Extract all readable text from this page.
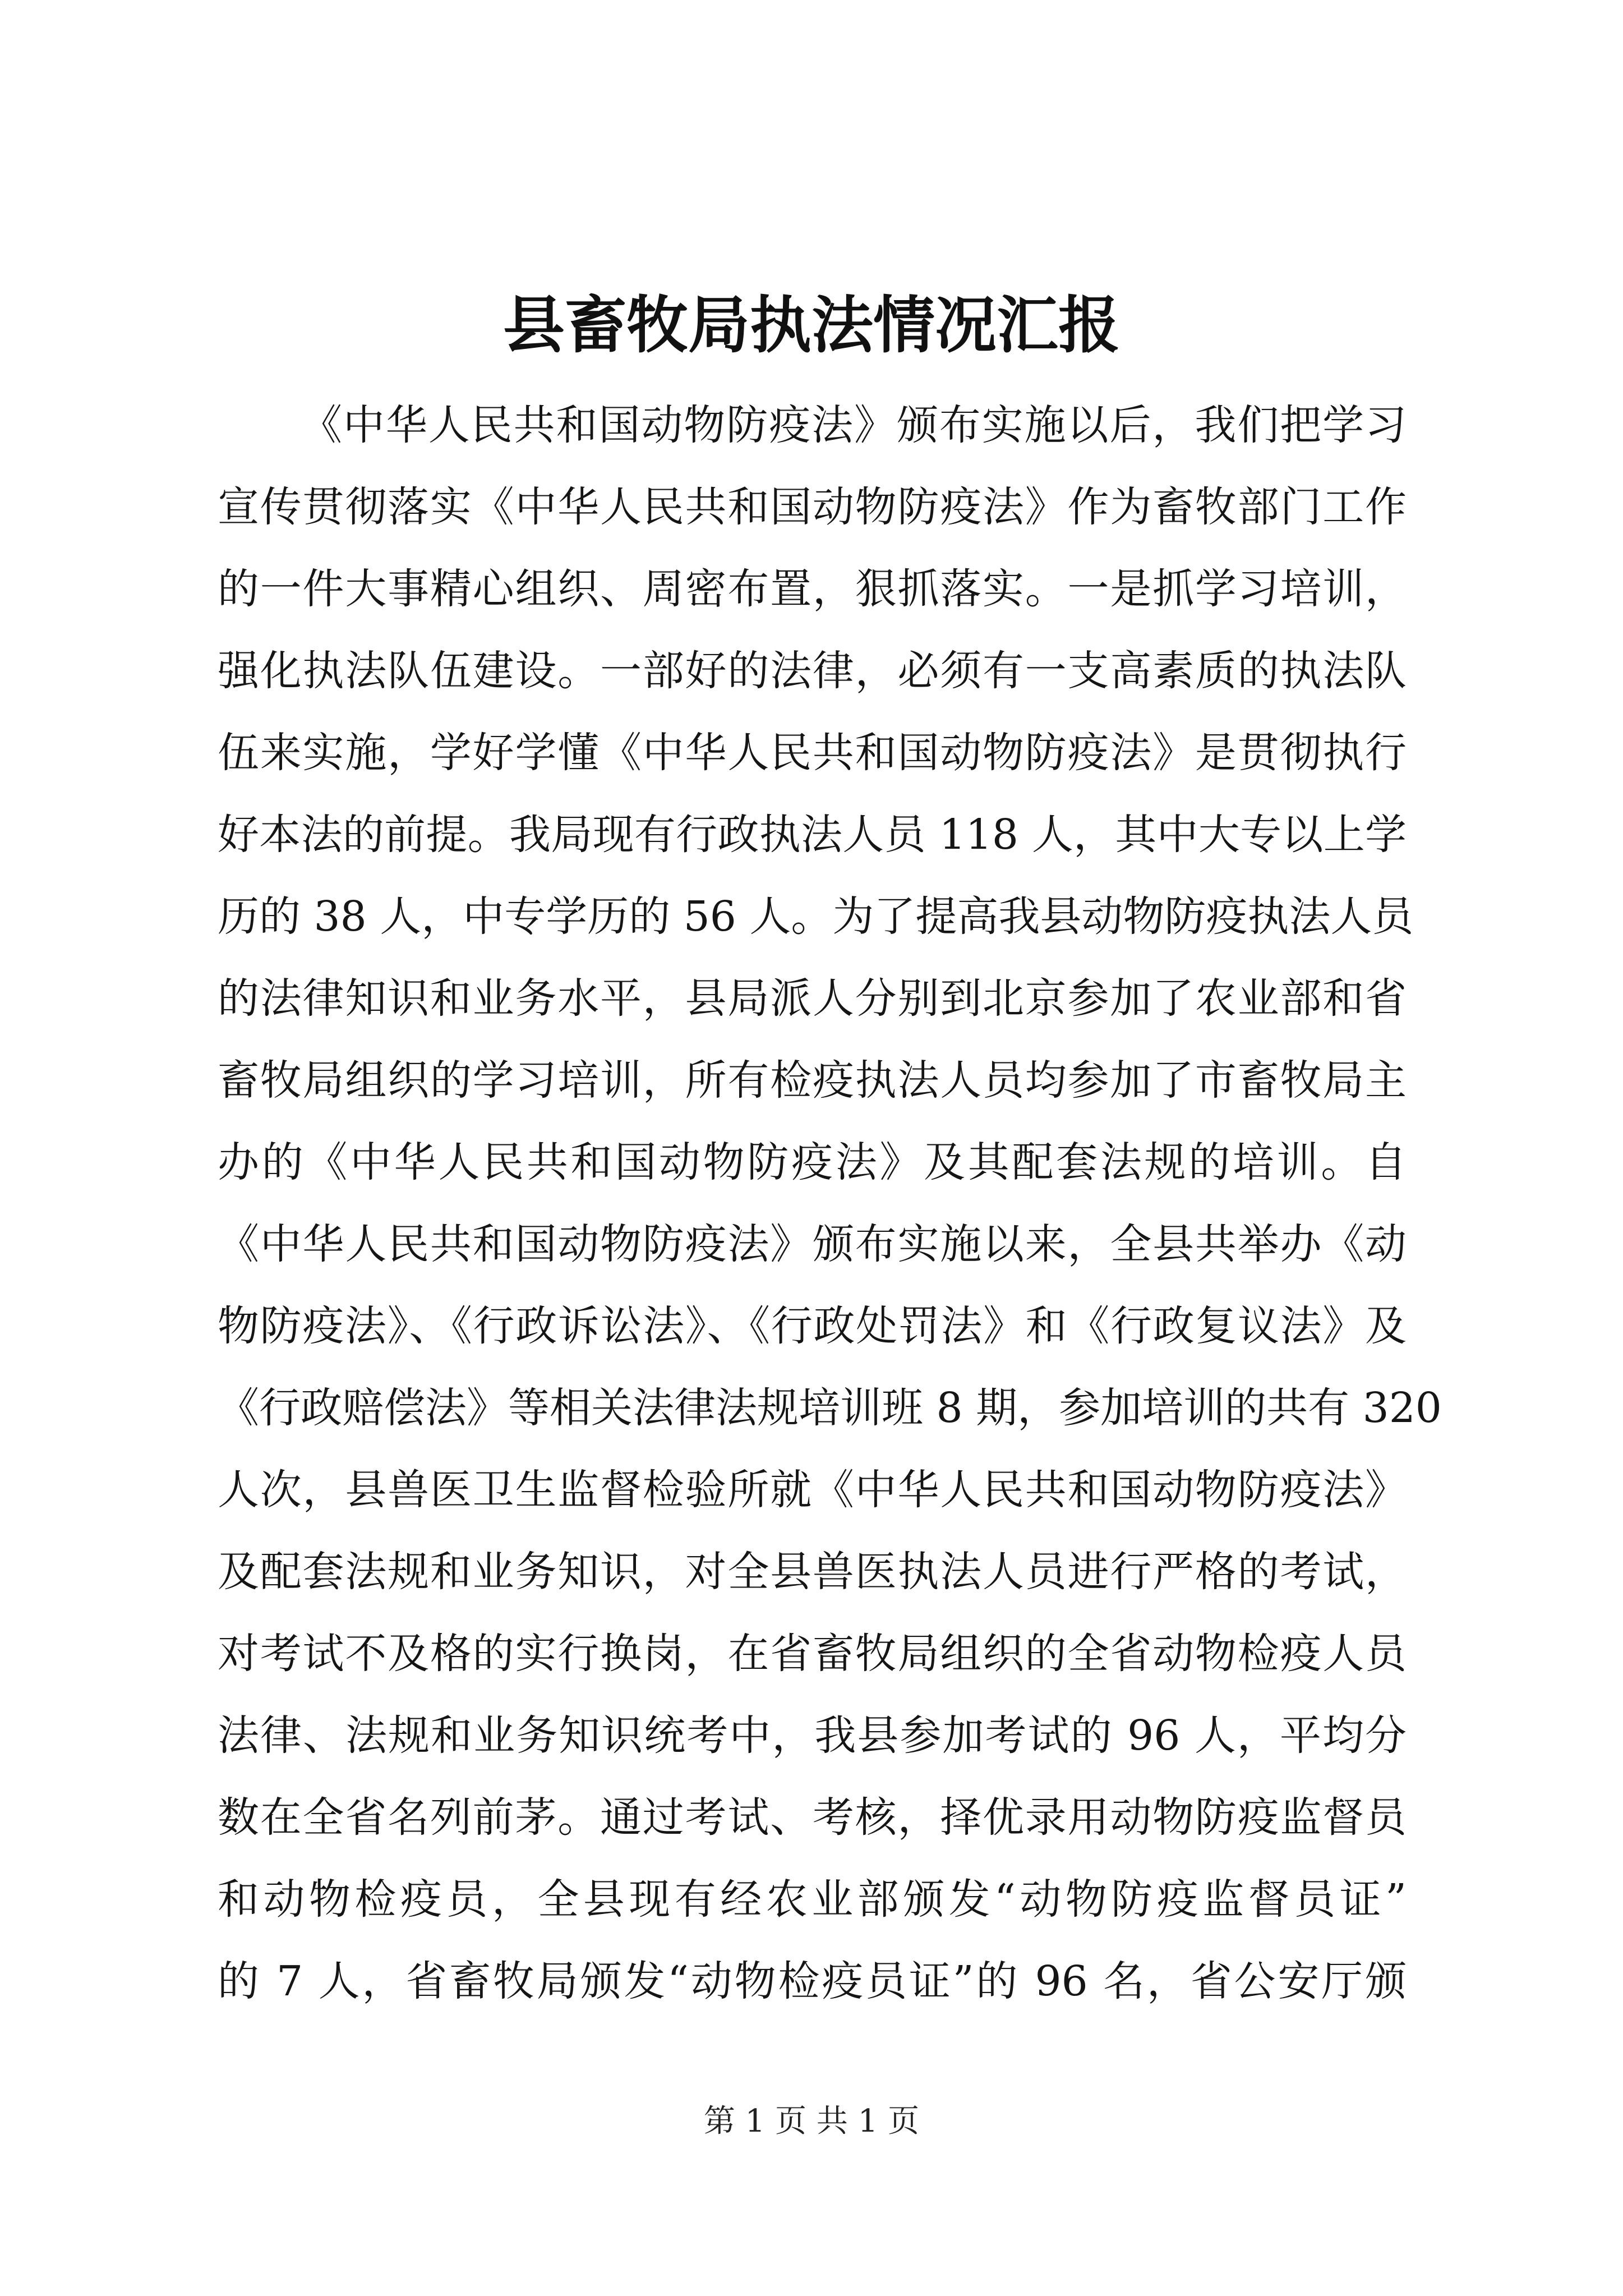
县畜牧局执法情况汇报
《中华人民共和国动物防疫法》颁布实施以后，我们把学习
宣传贯彻落实《中华人民共和国动物防疫法》作为畜牧部门工作
的一件大事精心组织、周密布置，狠抓落实。一是抓学习培训，
强化执法队伍建设。一部好的法律，必须有一支高素质的执法队
伍来实施，学好学懂《中华人民共和国动物防疫法》是贯彻执行
好本法的前提。我局现有行政执法人员 118 人，其中大专以上学
历的 38 人，中专学历的 56 人。为了提高我县动物防疫执法人员
的法律知识和业务水平，县局派人分别到北京参加了农业部和省
畜牧局组织的学习培训，所有检疫执法人员均参加了市畜牧局主
办的《中华人民共和国动物防疫法》及其配套法规的培训。自
《中华人民共和国动物防疫法》颁布实施以来，全县共举办《动
物防疫法》、《行政诉讼法》、《行政处罚法》和《行政复议法》及
《行政赔偿法》等相关法律法规培训班 8 期，参加培训的共有 320
人次，县兽医卫生监督检验所就《中华人民共和国动物防疫法》
及配套法规和业务知识，对全县兽医执法人员进行严格的考试，
对考试不及格的实行换岗，在省畜牧局组织的全省动物检疫人员
法律、法规和业务知识统考中，我县参加考试的 96 人，平均分
数在全省名列前茅。通过考试、考核，择优录用动物防疫监督员
和动物检疫员，全县现有经农业部颁发“动物防疫监督员证”
的 7 人，省畜牧局颁发“动物检疫员证”的 96 名，省公安厅颁
第 1 页 共 1 页
